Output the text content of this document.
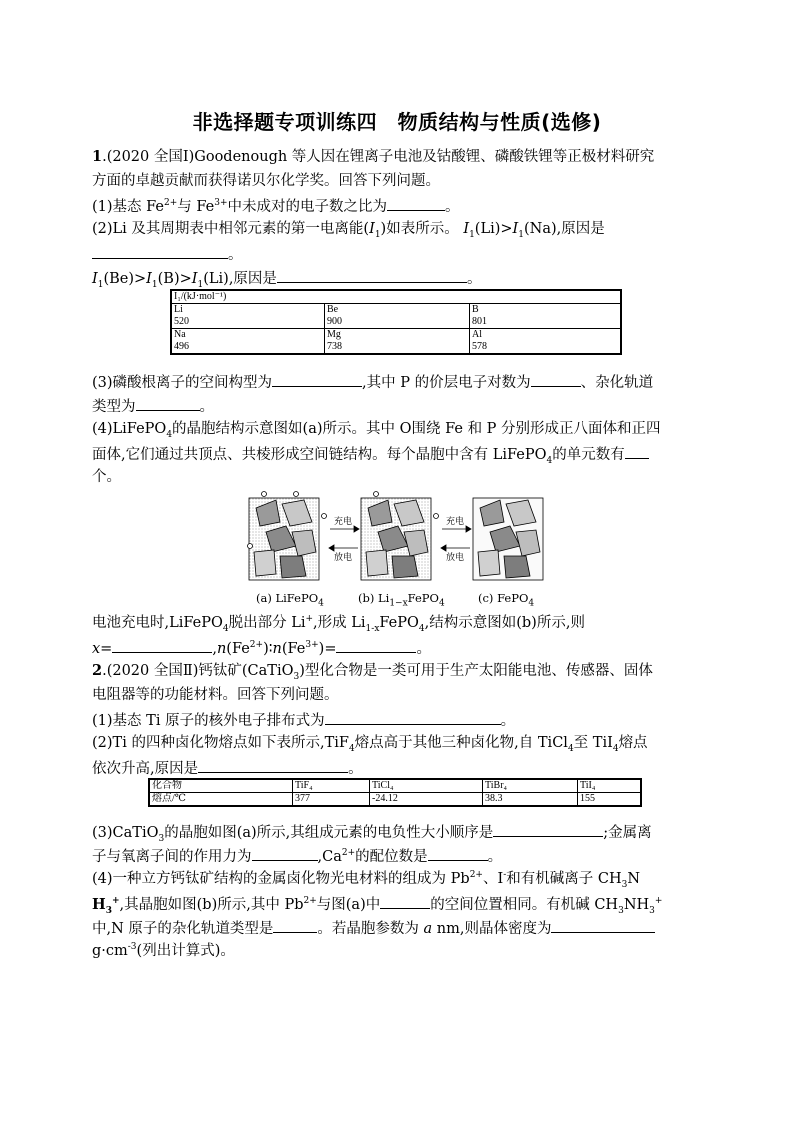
非选择题专项训练四　物质结构与性质(选修)
1.(2020 全国Ⅰ)Goodenough 等人因在锂离子电池及钴酸锂、磷酸铁锂等正极材料研究
方面的卓越贡献而获得诺贝尔化学奖。回答下列问题。
(1)基态 $Fe^{2+}$与 $Fe^{3+}$中未成对的电子数之比为	。
(2)Li 及其周期表中相邻元素的第一电离能$(I_1)$如表所示。 $I_1(Li)>I_1(Na)$,原因是
。
$I_1(Be)>I_1(B)>I_1(Li)$,原因是	。
I₁/(kJ·mol⁻¹)		
Li	Be	B
520	900	801
Na	Mg	Al
496	738	578
(3)磷酸根离子的空间构型为	,其中 P 的价层电子对数为	、杂化轨道
类型为	。
(4)LiFePO$_4$的晶胞结构示意图如(a)所示。其中 O围绕 Fe 和 P 分别形成正八面体和正四
面体,它们通过共顶点、共棱形成空间链结构。每个晶胞中含有 LiFePO$_4$的单元数有
个。
充电
放电
充电
放电
(a) LiFePO$_4$	(b) $Li_{1-x}FePO_4$	(c) FePO$_4$
电池充电时,LiFePO$_4$脱出部分 Li+,形成 $Li_{1-x}FePO_4$,结构示意图如(b)所示,则
x=	$,n(Fe^{2+})∶n(Fe^{3+})=$	。
2.(2020 全国Ⅱ)钙钛矿(CaTiO$_3$)型化合物是一类可用于生产太阳能电池、传感器、固体
电阻器等的功能材料。回答下列问题。
(1)基态 Ti 原子的核外电子排布式为	。
(2)Ti 的四种卤化物熔点如下表所示,TiF$_4$熔点高于其他三种卤化物,自 TiCl$_4$至 TiI$_4$熔点
依次升高,原因是	。
化合物	TiF₄	TiCl₄	TiBr₄	TiI₄
熔点/℃	377	-24.12	38.3	155
(3)CaTiO$_3$的晶胞如图(a)所示,其组成元素的电负性大小顺序是	;金属离
子与氧离子间的作用力为	$,Ca^{2+}$的配位数是	。
(4)一种立方钙钛矿结构的金属卤化物光电材料的组成为 $Pb^{2+}$、I-和有机碱离子 $CH_3N$
$H_3^+$,其晶胞如图(b)所示,其中 $Pb^{2+}$与图(a)中	的空间位置相同。有机碱 $CH_3NH_3^+$
中,N 原子的杂化轨道类型是	。若晶胞参数为 a nm,则晶体密度为
$g\cdot cm^{-3}$(列出计算式)。
